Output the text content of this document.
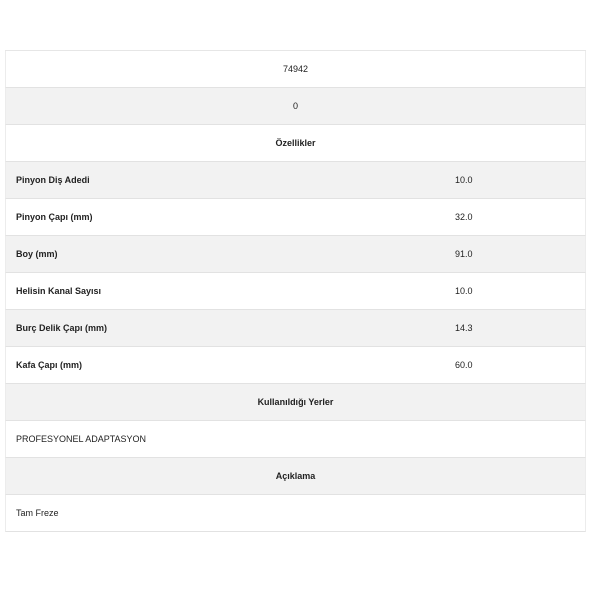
74942
0
Özellikler
Pinyon Diş Adedi	10.0
Pinyon Çapı (mm)	32.0
Boy (mm)	91.0
Helisin Kanal Sayısı	10.0
Burç Delik Çapı (mm)	14.3
Kafa Çapı (mm)	60.0
Kullanıldığı Yerler
PROFESYONEL ADAPTASYON
Açıklama
Tam Freze
